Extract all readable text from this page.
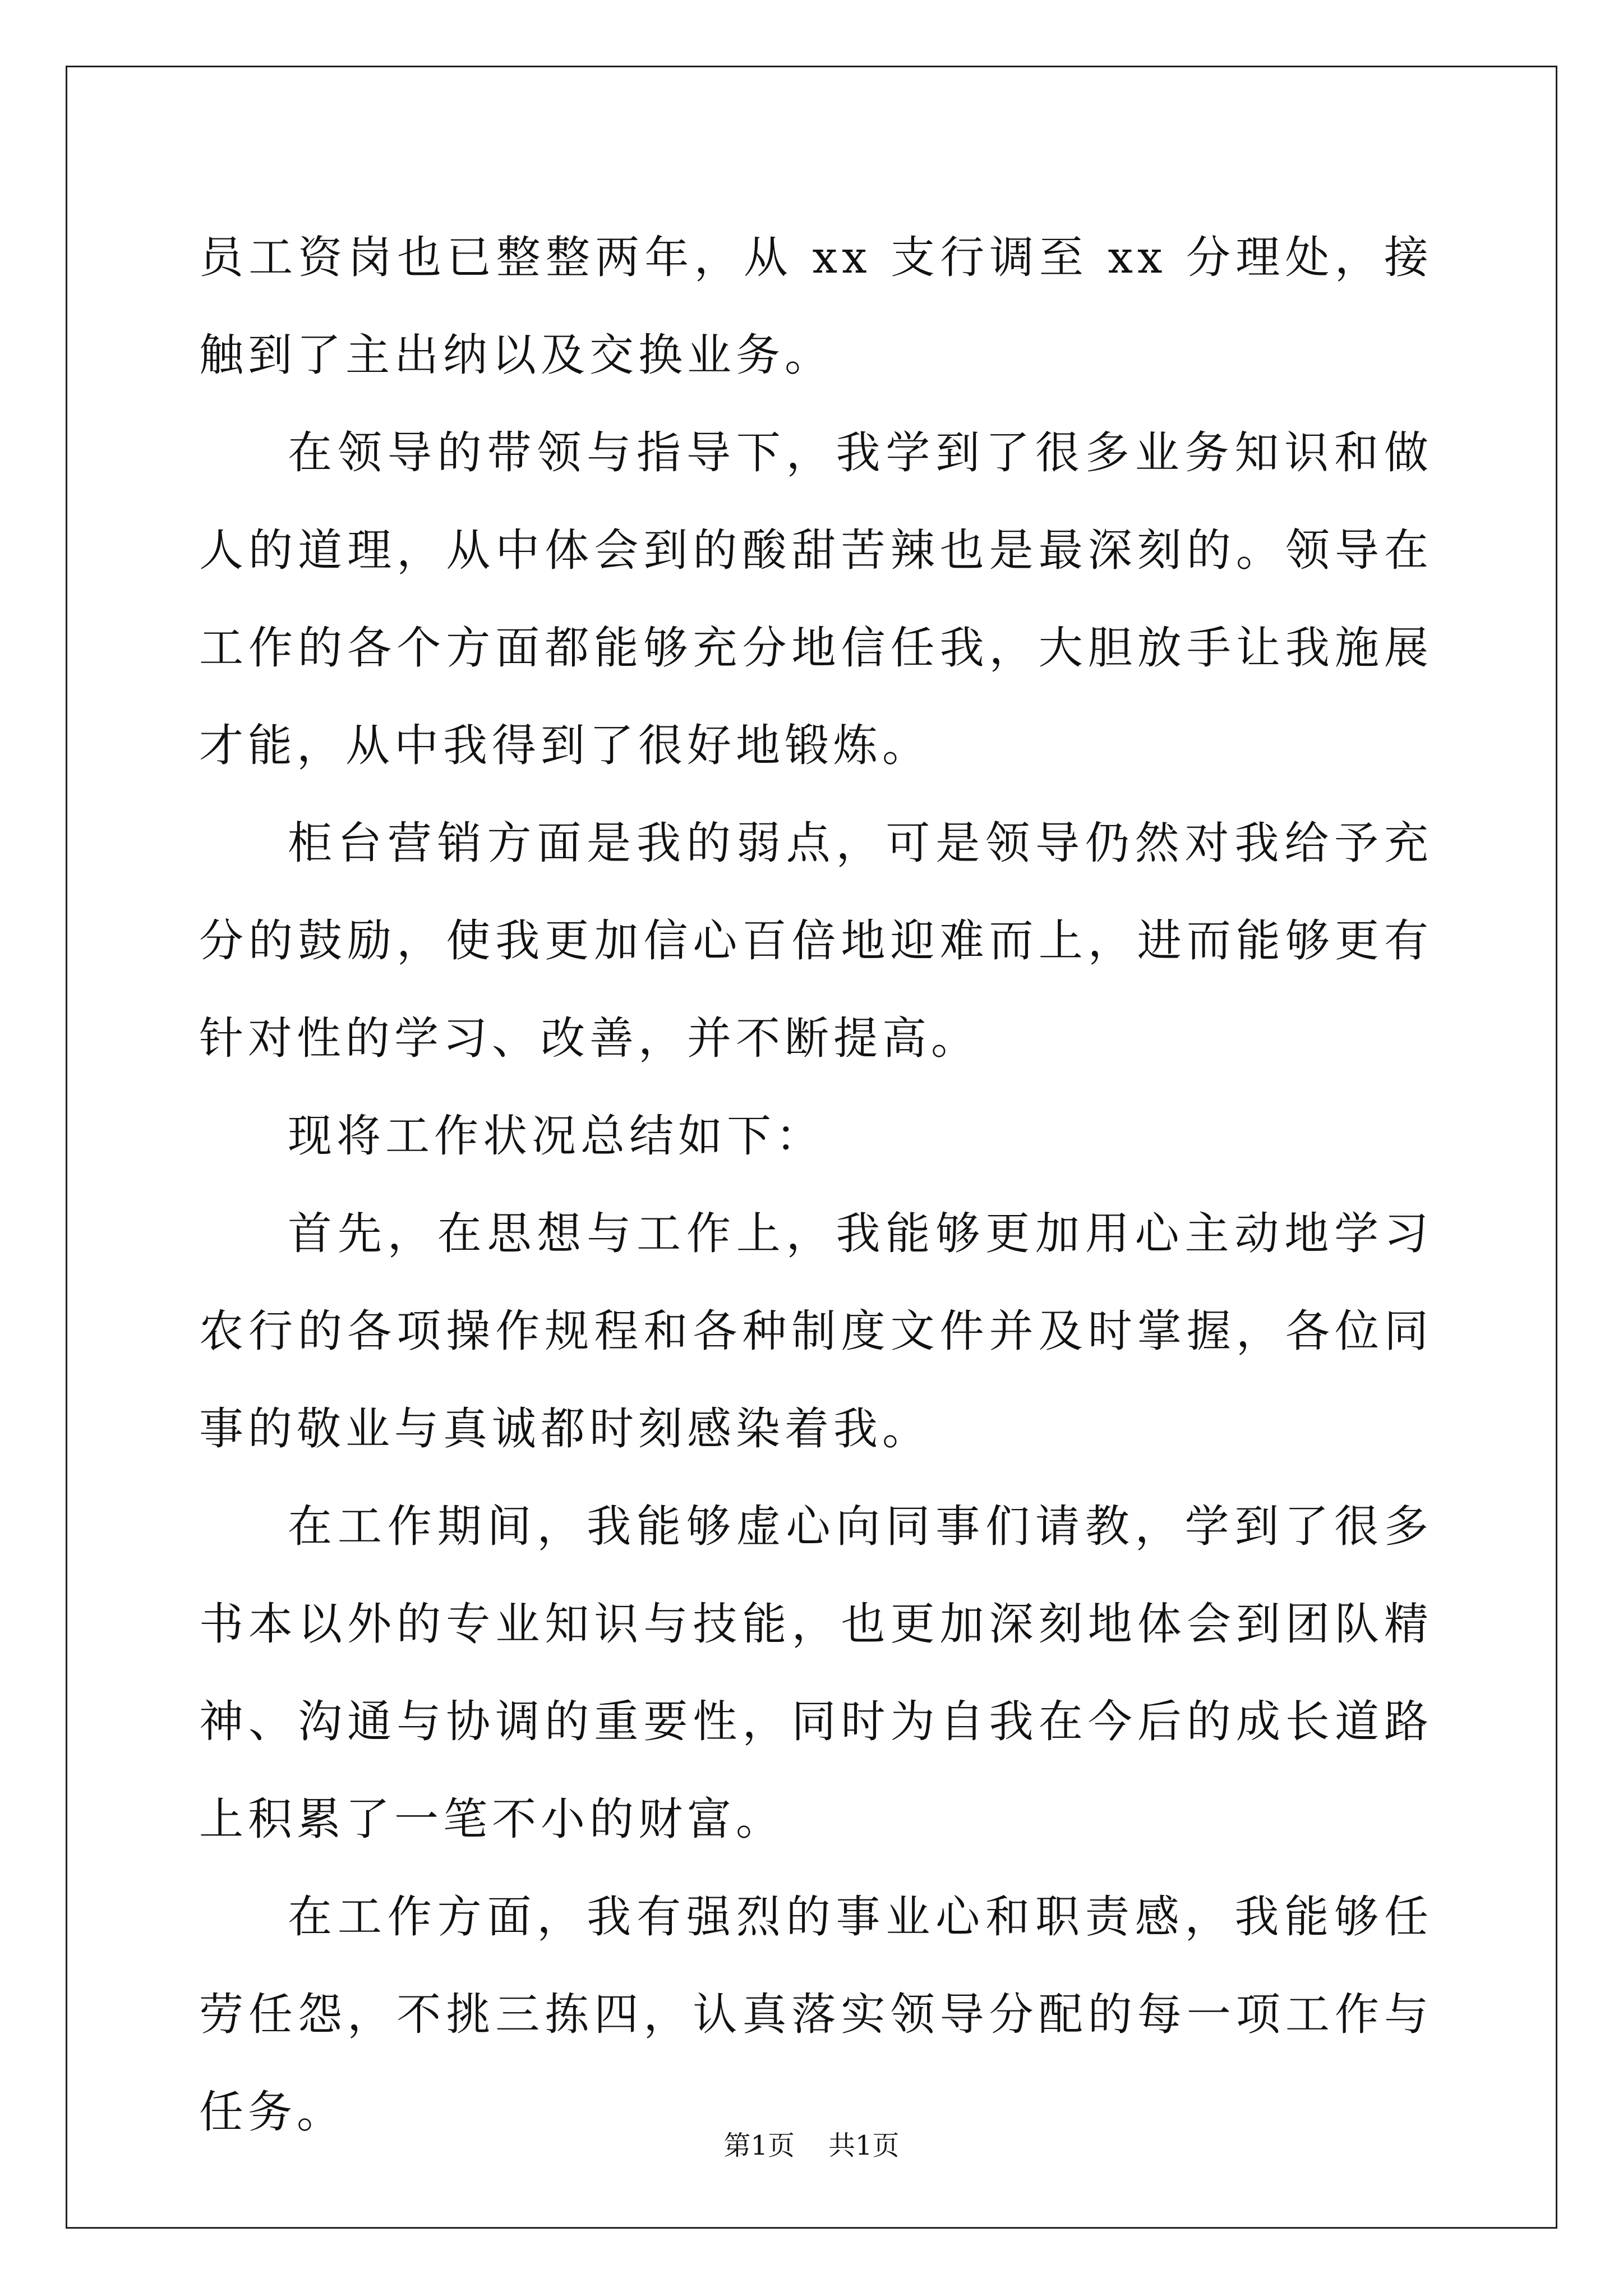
员工资岗也已整整两年，从 xx 支行调至 xx 分理处，接触到了主出纳以及交换业务。

在领导的带领与指导下，我学到了很多业务知识和做人的道理，从中体会到的酸甜苦辣也是最深刻的。领导在工作的各个方面都能够充分地信任我，大胆放手让我施展才能，从中我得到了很好地锻炼。

柜台营销方面是我的弱点，可是领导仍然对我给予充分的鼓励，使我更加信心百倍地迎难而上，进而能够更有针对性的学习、改善，并不断提高。

现将工作状况总结如下：

首先，在思想与工作上，我能够更加用心主动地学习农行的各项操作规程和各种制度文件并及时掌握，各位同事的敬业与真诚都时刻感染着我。

在工作期间，我能够虚心向同事们请教，学到了很多书本以外的专业知识与技能，也更加深刻地体会到团队精神、沟通与协调的重要性，同时为自我在今后的成长道路上积累了一笔不小的财富。

在工作方面，我有强烈的事业心和职责感，我能够任劳任怨，不挑三拣四，认真落实领导分配的每一项工作与任务。

第1页 共1页
